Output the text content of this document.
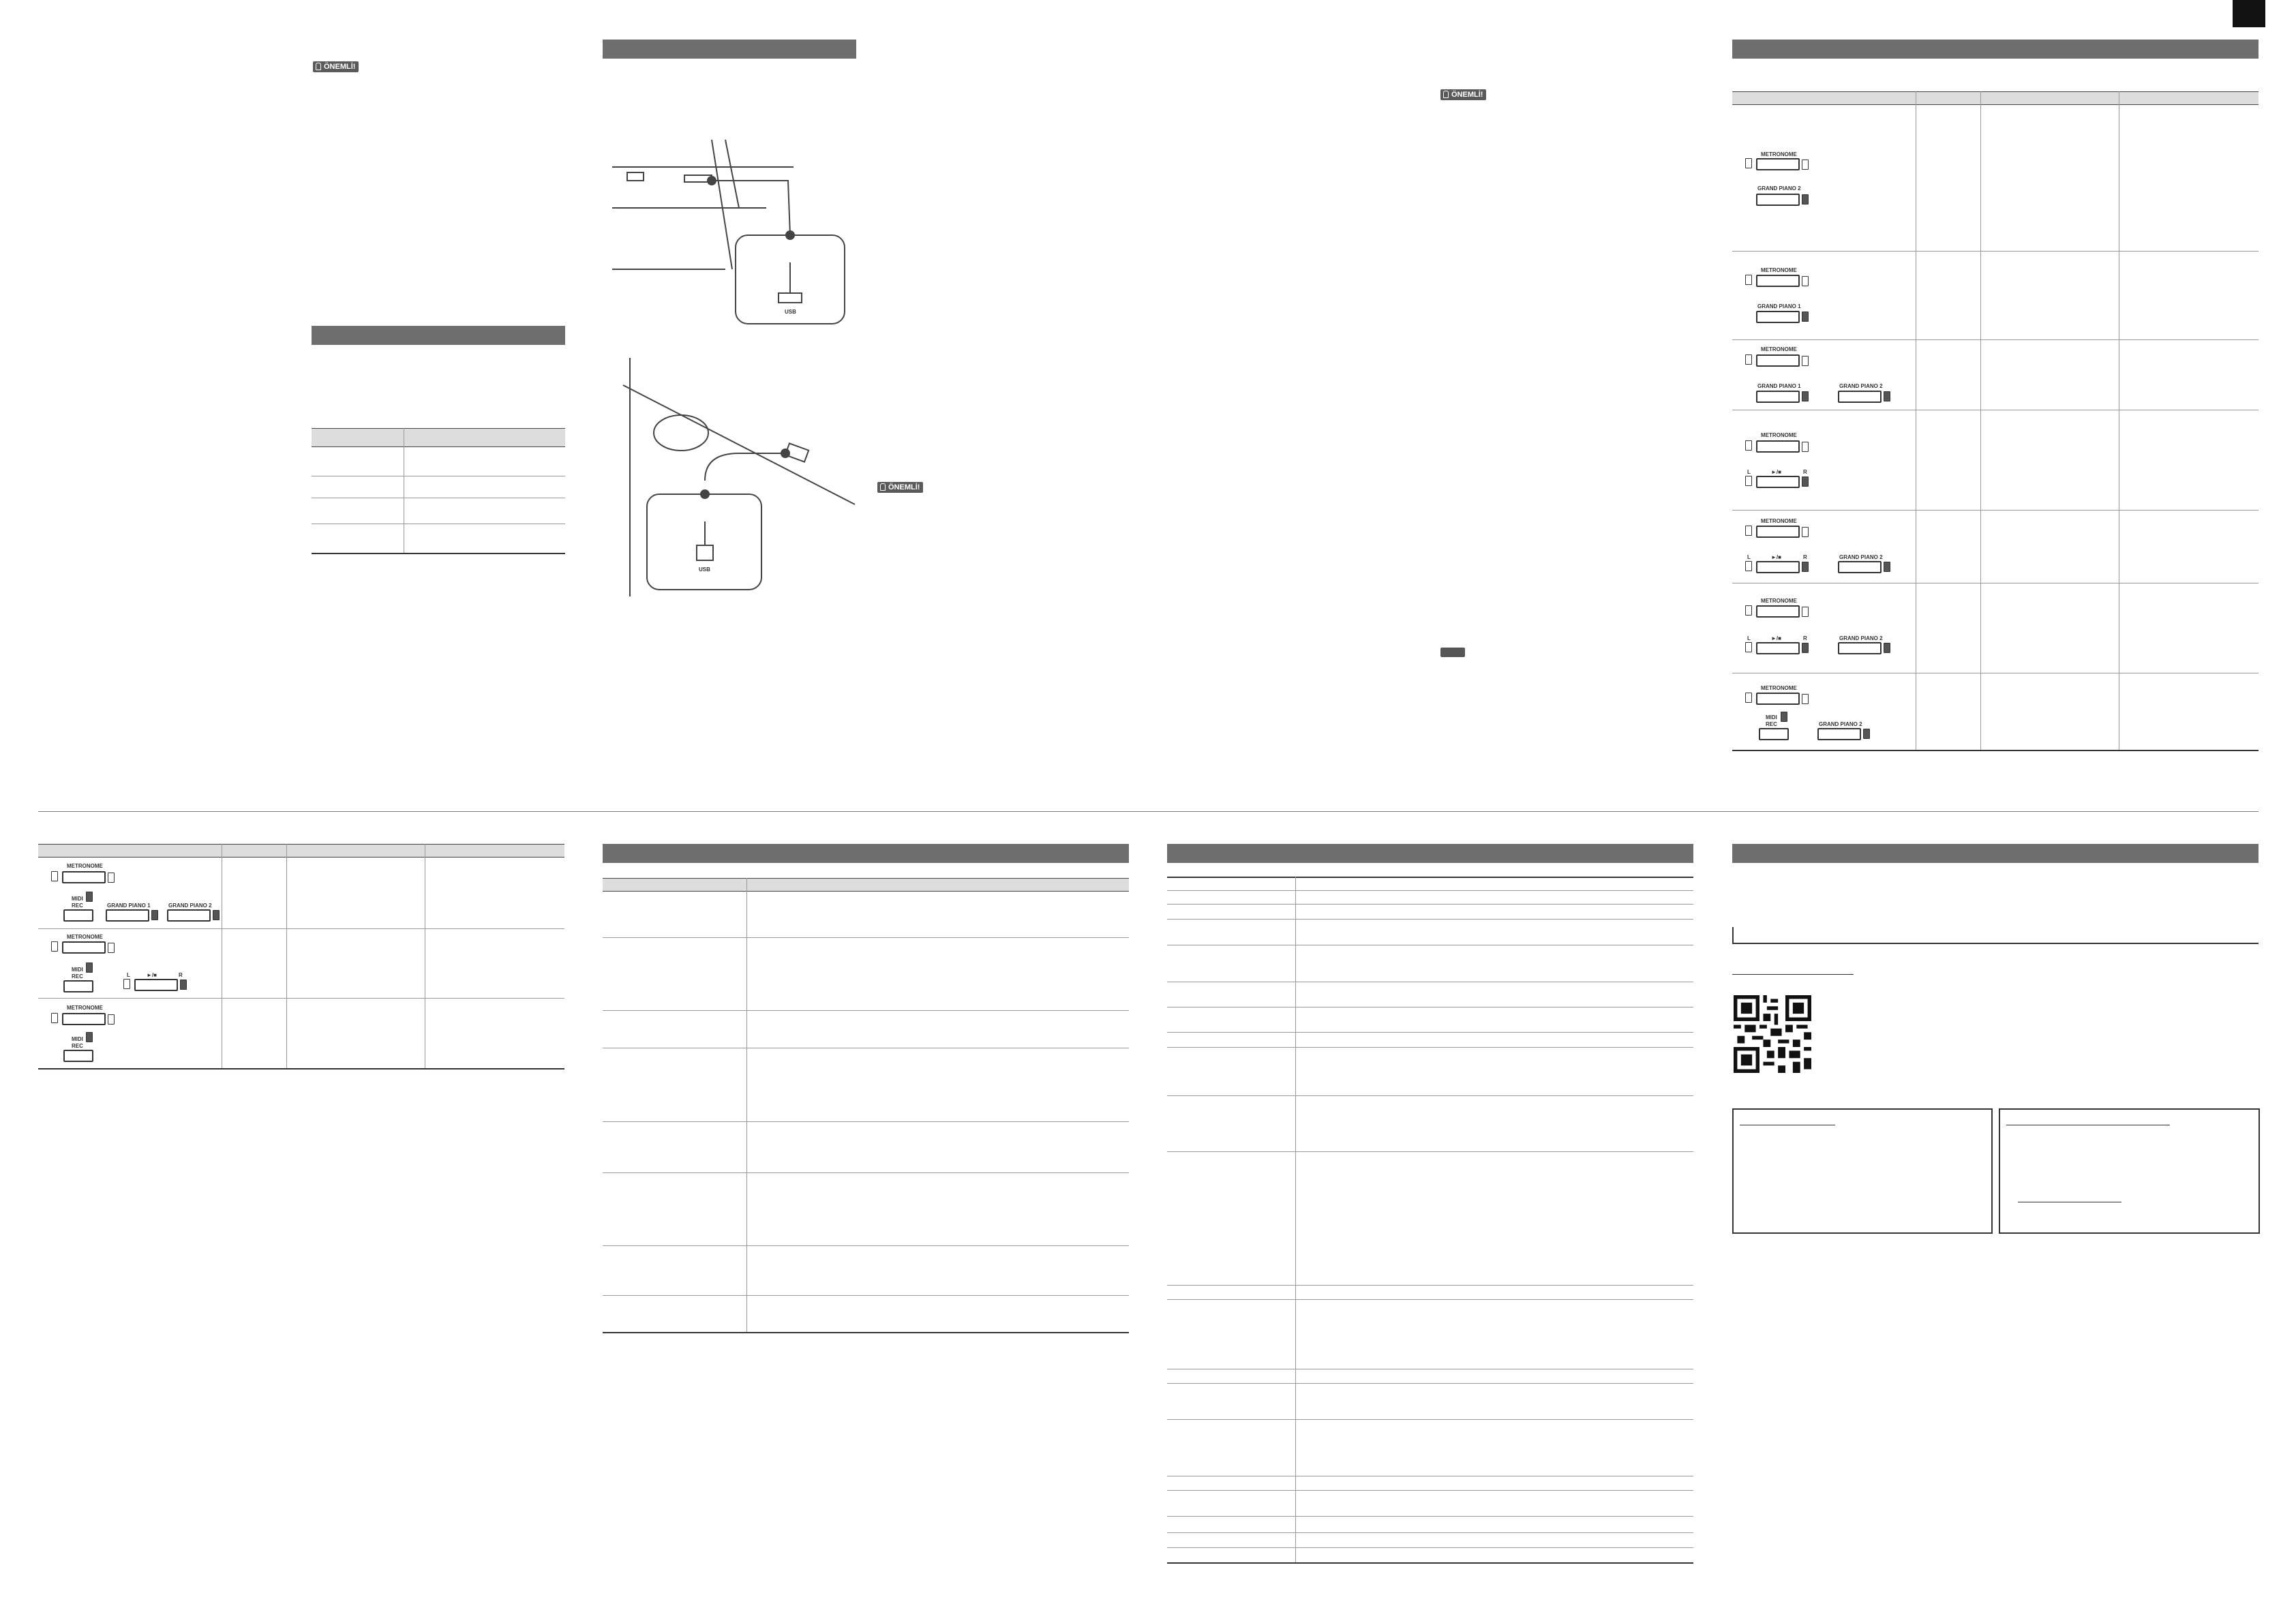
ÖNEMLİ!
USB
USB
ÖNEMLİ!
ÖNEMLİ!
METRONOME
GRAND PIANO 2
METRONOME
GRAND PIANO 1
METRONOME
GRAND PIANO 1	GRAND PIANO 2
METRONOME
L	►/■	R
METRONOME
L	►/■	R	GRAND PIANO 2
METRONOME
L	►/■	R	GRAND PIANO 2
METRONOME
MIDI
REC	GRAND PIANO 2
METRONOME
MIDI
REC	GRAND PIANO 1	GRAND PIANO 2
METRONOME
MIDI
REC	L	►/■	R
METRONOME
MIDI
REC
